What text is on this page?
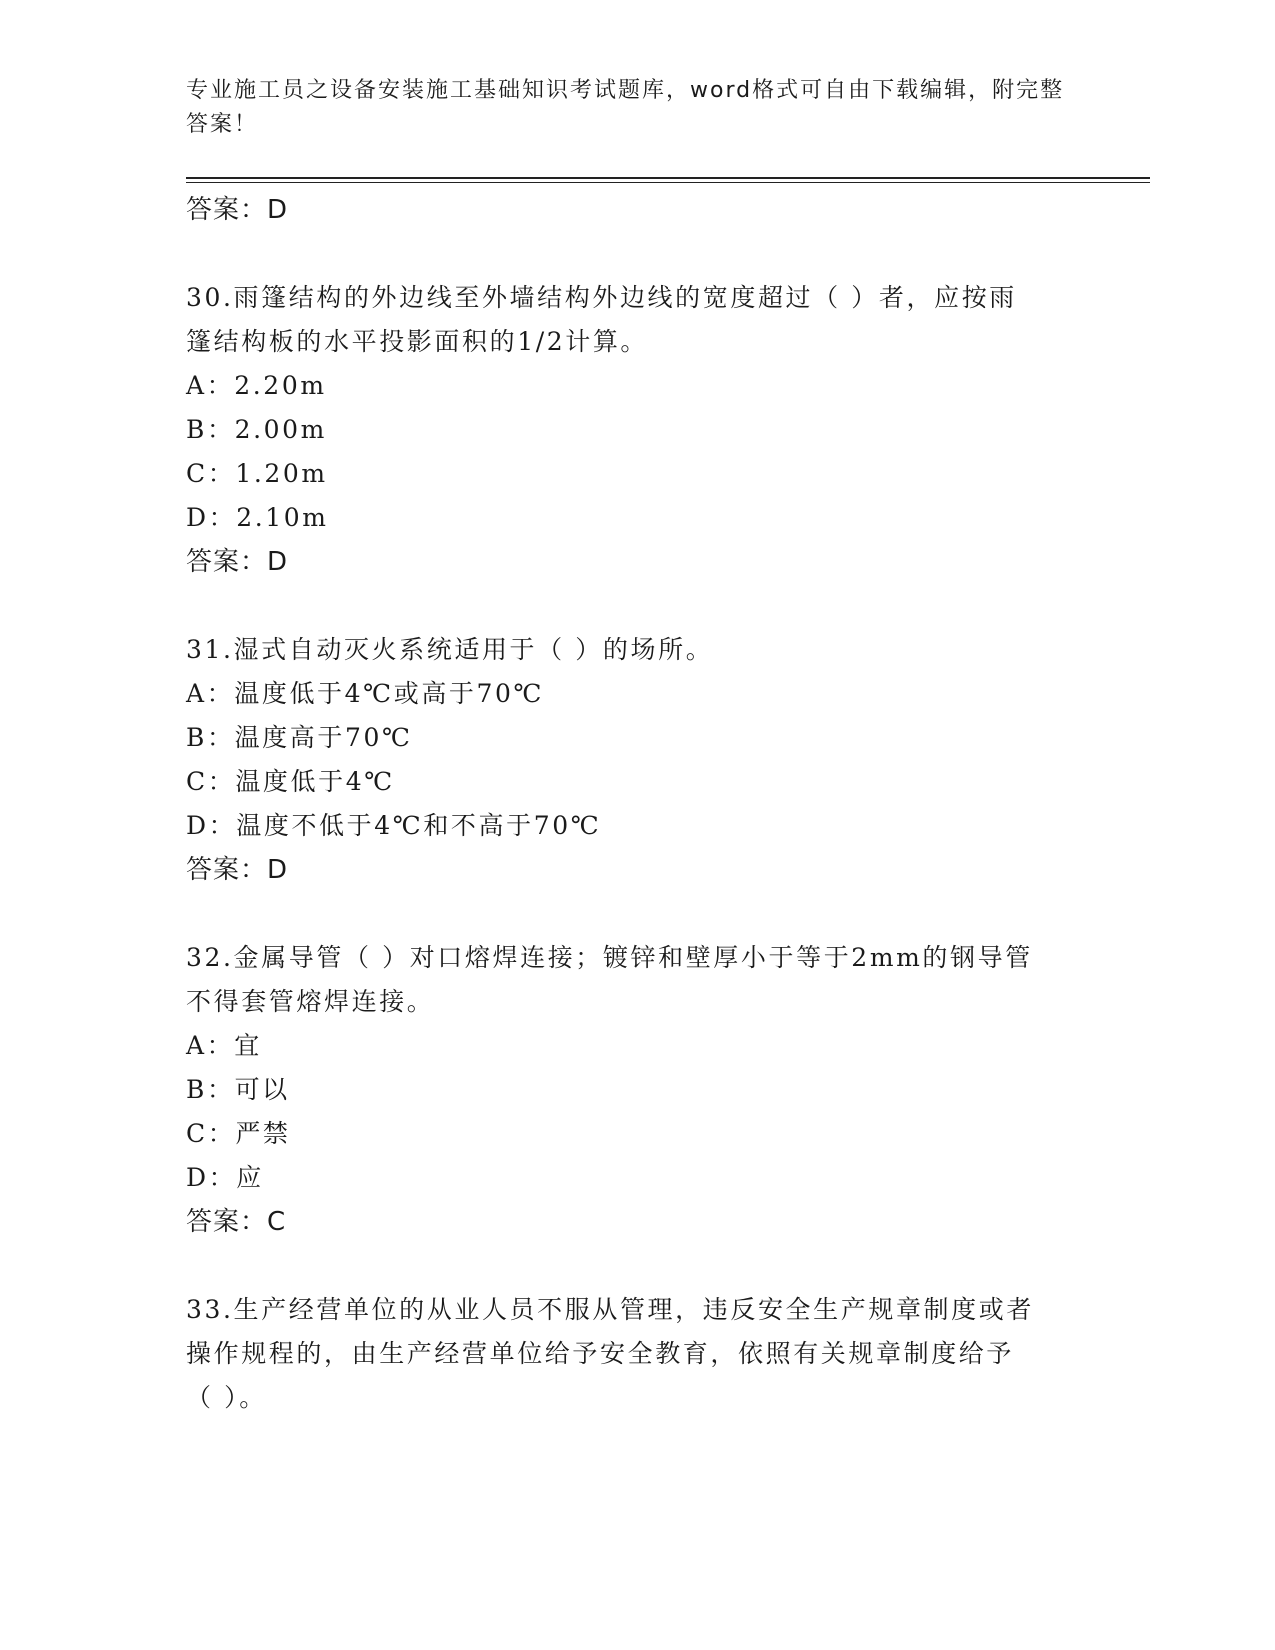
专业施工员之设备安装施工基础知识考试题库，word格式可自由下载编辑，附完整答案！
答案：D
30.雨篷结构的外边线至外墙结构外边线的宽度超过（ ）者，应按雨
篷结构板的水平投影面积的1/2计算。
A：2.20m
B：2.00m
C：1.20m
D：2.10m
答案：D
31.湿式自动灭火系统适用于（ ）的场所。
A：温度低于4℃或高于70℃
B：温度高于70℃
C：温度低于4℃
D：温度不低于4℃和不高于70℃
答案：D
32.金属导管（ ）对口熔焊连接；镀锌和壁厚小于等于2mm的钢导管
不得套管熔焊连接。
A：宜
B：可以
C：严禁
D：应
答案：C
33.生产经营单位的从业人员不服从管理，违反安全生产规章制度或者
操作规程的，由生产经营单位给予安全教育，依照有关规章制度给予
（ ）。
